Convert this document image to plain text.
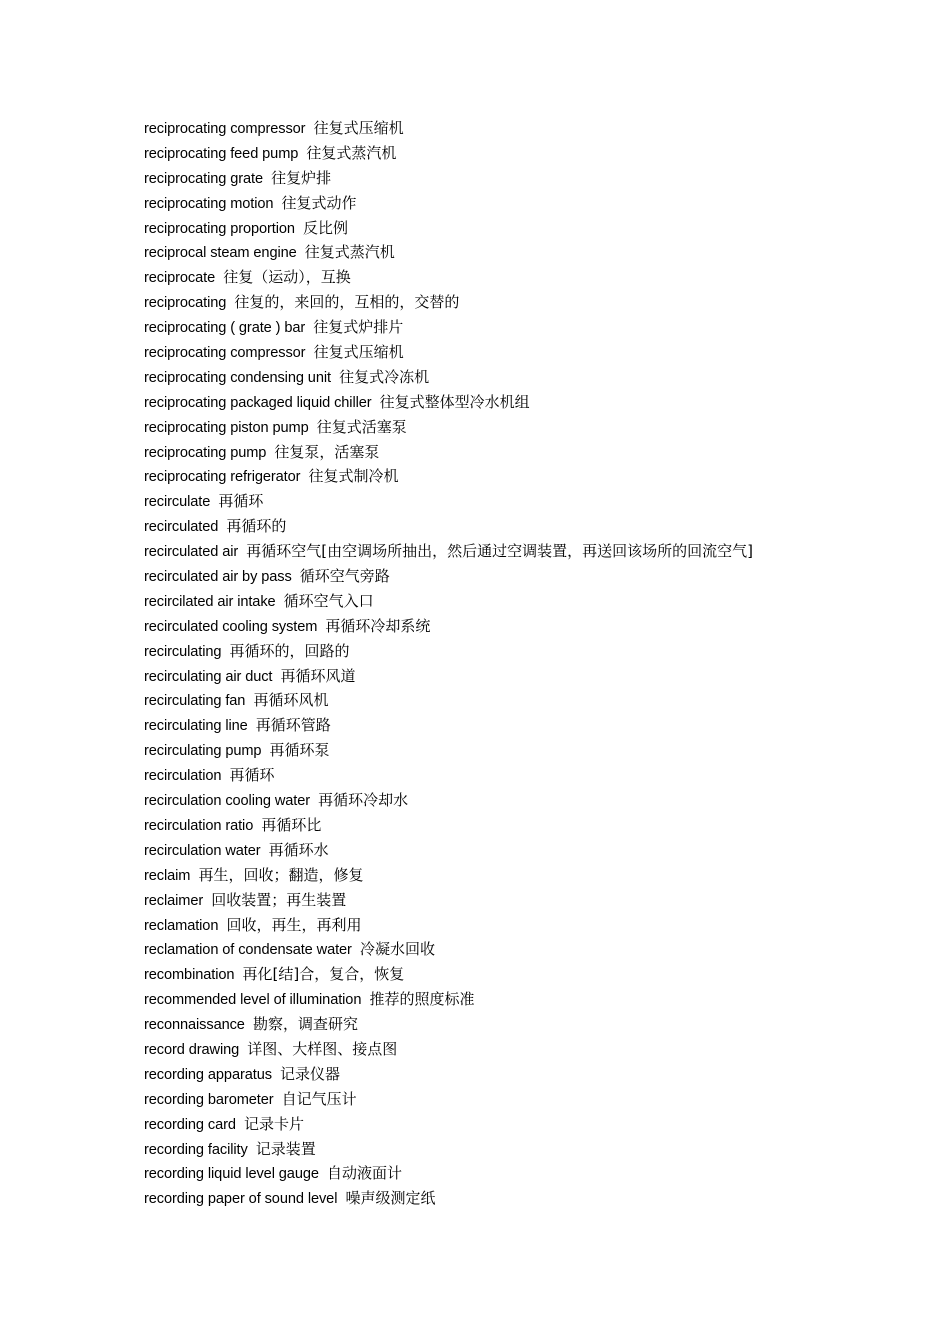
reciprocating compressor 往复式压缩机
reciprocating feed pump 往复式蒸汽机
reciprocating grate 往复炉排
reciprocating motion 往复式动作
reciprocating proportion 反比例
reciprocal steam engine 往复式蒸汽机
reciprocate 往复（运动），互换
reciprocating 往复的，来回的，互相的，交替的
reciprocating ( grate ) bar 往复式炉排片
reciprocating compressor 往复式压缩机
reciprocating condensing unit 往复式冷冻机
reciprocating packaged liquid chiller 往复式整体型冷水机组
reciprocating piston pump 往复式活塞泵
reciprocating pump 往复泵，活塞泵
reciprocating refrigerator 往复式制冷机
recirculate 再循环
recirculated 再循环的
recirculated air 再循环空气[由空调场所抽出，然后通过空调装置，再送回该场所的回流空气]
recirculated air by pass 循环空气旁路
recircilated air intake 循环空气入口
recirculated cooling system 再循环冷却系统
recirculating 再循环的，回路的
recirculating air duct 再循环风道
recirculating fan 再循环风机
recirculating line 再循环管路
recirculating pump 再循环泵
recirculation 再循环
recirculation cooling water 再循环冷却水
recirculation ratio 再循环比
recirculation water 再循环水
reclaim 再生，回收；翻造，修复
reclaimer 回收装置；再生装置
reclamation 回收，再生，再利用
reclamation of condensate water 冷凝水回收
recombination 再化[结]合，复合，恢复
recommended level of illumination 推荐的照度标准
reconnaissance 勘察，调查研究
record drawing 详图、大样图、接点图
recording apparatus 记录仪器
recording barometer 自记气压计
recording card 记录卡片
recording facility 记录装置
recording liquid level gauge 自动液面计
recording paper of sound level 噪声级测定纸
